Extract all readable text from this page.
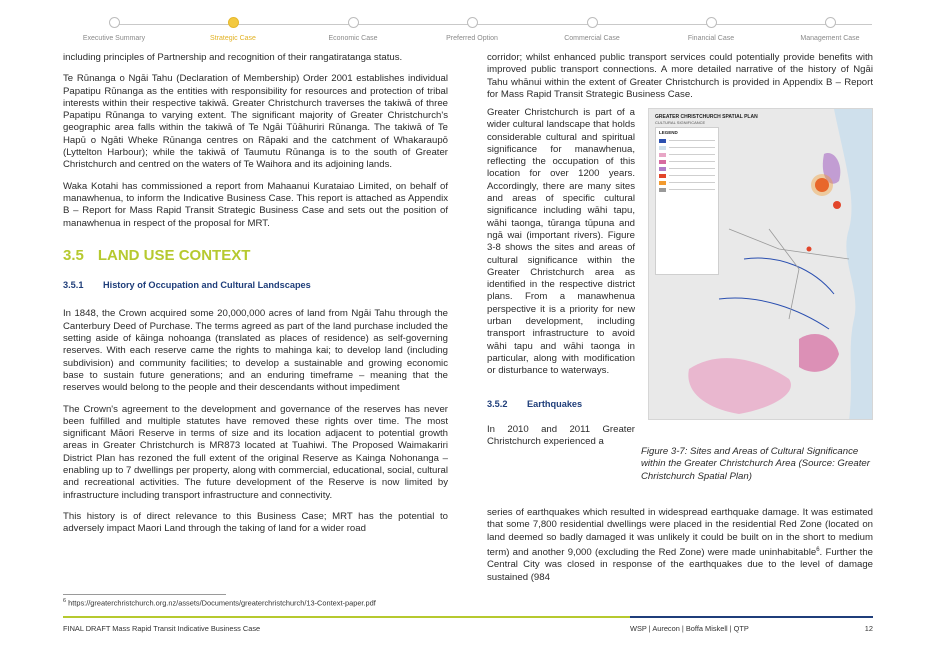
Executive Summary	Strategic Case	Economic Case	Preferred Option	Commercial Case	Financial Case	Management Case

including principles of Partnership and recognition of their rangatiratanga status.

Te Rūnanga o Ngāi Tahu (Declaration of Membership) Order 2001 establishes individual Papatipu Rūnanga as the entities with responsibility for resources and protection of tribal interests within their respective takiwā. Greater Christchurch traverses the takiwā of three Papatipu Rūnanga to varying extent. The significant majority of Greater Christchurch's geographic area falls within the takiwā of Te Ngāi Tūāhuriri Rūnanga. The takiwā of Te Hapū o Ngāti Wheke Rūnanga centres on Rāpaki and the catchment of Whakaraupō (Lyttelton Harbour); while the takiwā of Taumutu Rūnanga is to the south of Greater Christchurch and centred on the waters of Te Waihora and its adjoining lands.

Waka Kotahi has commissioned a report from Mahaanui Kurataiao Limited, on behalf of manawhenua, to inform the Indicative Business Case. This report is attached as Appendix B – Report for Mass Rapid Transit Strategic Business Case and sets out the position of manawhenua in respect of the proposal for MRT.

3.5 LAND USE CONTEXT
3.5.1 History of Occupation and Cultural Landscapes

In 1848, the Crown acquired some 20,000,000 acres of land from Ngāi Tahu through the Canterbury Deed of Purchase. The terms agreed as part of the land purchase included the setting aside of kāinga nohoanga (translated as places of residence) as self-governing reserves. With each reserve came the rights to mahinga kai; to develop land (including subdivision) and community facilities; to develop a sustainable and growing economic base to sustain future generations; and an enduring timeframe – meaning that the reserves would belong to the people and their descendants without impediment

The Crown's agreement to the development and governance of the reserves has never been fulfilled and multiple statutes have removed these rights over time. The most significant Māori Reserve in terms of size and its location adjacent to potential growth areas in Greater Christchurch is MR873 located at Tuahiwi. The Proposed Waimakariri District Plan has rezoned the full extent of the original Reserve as Kainga Nohonanga – enabling up to 7 dwellings per property, along with commercial, educational, social, cultural and recreational activities. The future development of the Reserve is now limited by infrastructure including transport infrastructure and connectivity.

This history is of direct relevance to this Business Case; MRT has the potential to adversely impact Maori Land through the taking of land for a wider road

corridor; whilst enhanced public transport services could potentially provide benefits with improved public transport connections. A more detailed narrative of the history of Ngāi Tahu whānui within the extent of Greater Christchurch is provided in Appendix B – Report for Mass Rapid Transit Strategic Business Case.

Greater Christchurch is part of a wider cultural landscape that holds considerable cultural and spiritual significance for manawhenua, reflecting the occupation of this location for over 1200 years. Accordingly, there are many sites and areas of specific cultural significance including wāhi tapu, wāhi taonga, tūranga tūpuna and ngā wai (important rivers). Figure 3-8 shows the sites and areas of cultural significance within the Greater Christchurch area as identified in the respective district plans. From a manawhenua perspective it is a priority for new urban development, including transport infrastructure to avoid wāhi tapu and wāhi taonga in particular, along with modification or disturbance to waterways.

3.5.2 Earthquakes

In 2010 and 2011 Greater Christchurch experienced a

GREATER CHRISTCHURCH SPATIAL PLAN
CULTURAL SIGNIFICANCE
LEGEND
Figure 3-7: Sites and Areas of Cultural Significance within the Greater Christchurch Area (Source: Greater Christchurch Spatial Plan)

series of earthquakes which resulted in widespread earthquake damage. It was estimated that some 7,800 residential dwellings were placed in the residential Red Zone (located on land deemed so badly damaged it was unlikely it could be built on in the short to medium term) and another 9,000 (excluding the Red Zone) were made uninhabitable$^6$. Further the Central City was closed in response of the earthquakes due to the level of damage sustained (984

$^6$ https://greaterchristchurch.org.nz/assets/Documents/greaterchristchurch/13-Context-paper.pdf
FINAL DRAFT Mass Rapid Transit Indicative Business Case	WSP | Aurecon | Boffa Miskell | QTP	12
